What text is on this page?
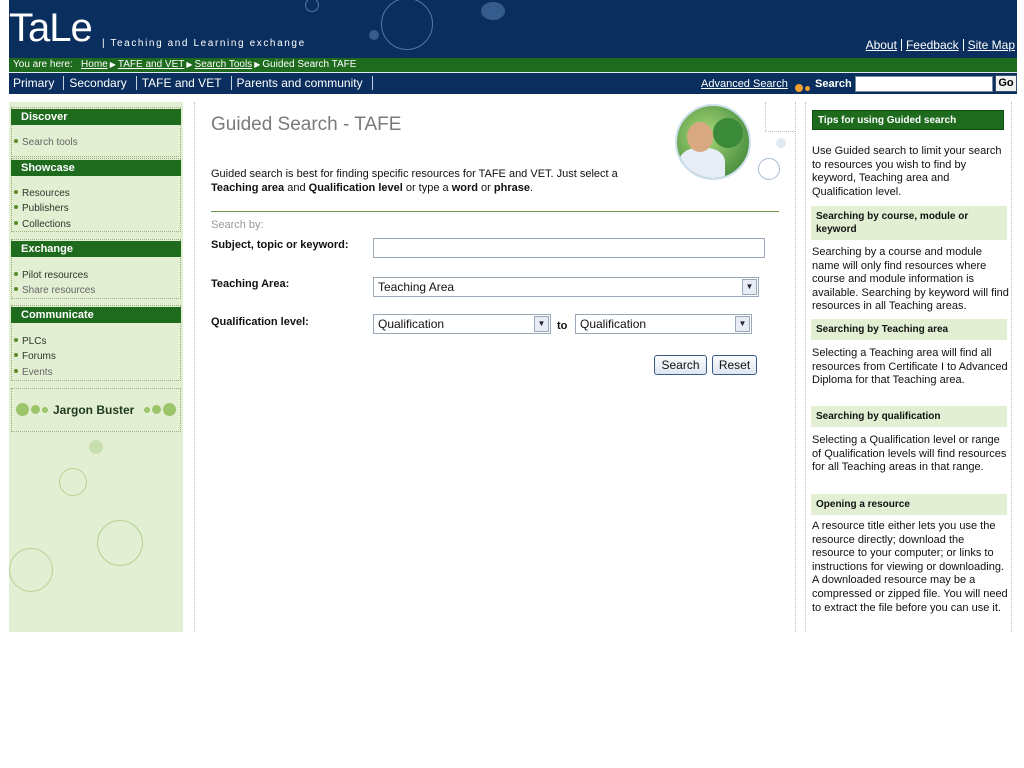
TaLe | Teaching and Learning exchange	About Feedback Site Map
You are here: Home ▶ TAFE and VET ▶ Search Tools ▶ Guided Search TAFE
Primary Secondary TAFE and VET Parents and community	Advanced Search Search	Go
Discover
Search tools
Showcase
Resources
Publishers
Collections
Exchange
Pilot resources
Share resources
Communicate
PLCs
Forums
Events
Jargon Buster
Guided Search - TAFE
Guided search is best for finding specific resources for TAFE and VET. Just select a Teaching area and Qualification level or type a word or phrase.
Search by:
Subject, topic or keyword:
Teaching Area:	Teaching Area	▼
Qualification level:	Qualification	▼	to	Qualification	▼
Search	Reset
Tips for using Guided search
Use Guided search to limit your search to resources you wish to find by keyword, Teaching area and Qualification level.
Searching by course, module or keyword
Searching by a course and module name will only find resources where course and module information is available. Searching by keyword will find resources in all Teaching areas.
Searching by Teaching area
Selecting a Teaching area will find all resources from Certificate I to Advanced Diploma for that Teaching area.
Searching by qualification
Selecting a Qualification level or range of Qualification levels will find resources for all Teaching areas in that range.
Opening a resource
A resource title either lets you use the resource directly; download the resource to your computer; or links to instructions for viewing or downloading. A downloaded resource may be a compressed or zipped file. You will need to extract the file before you can use it.
